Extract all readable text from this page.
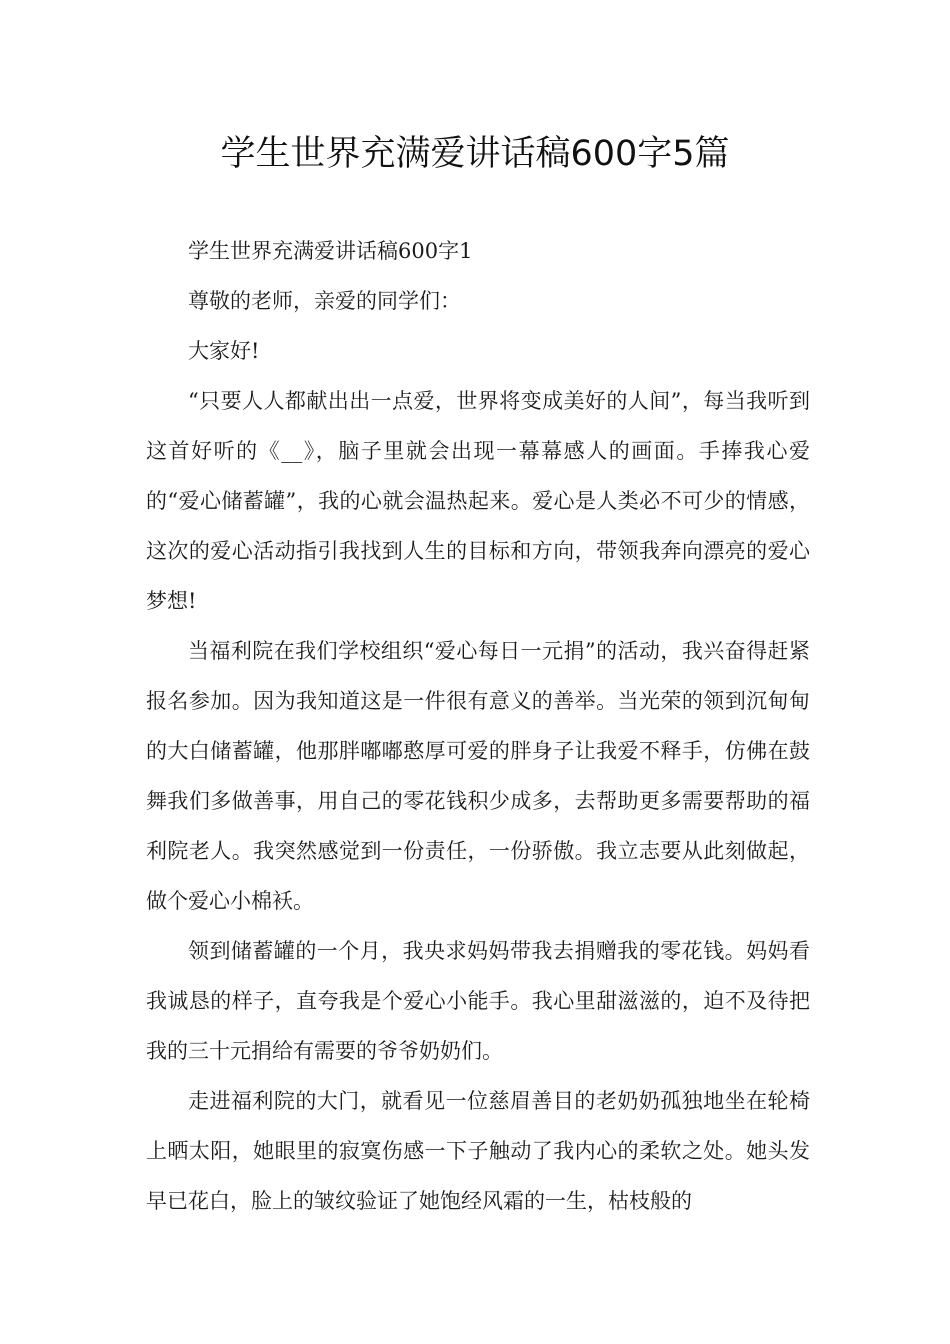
学生世界充满爱讲话稿600字5篇

学生世界充满爱讲话稿600字1

尊敬的老师，亲爱的同学们：

大家好!

“只要人人都献出出一点爱，世界将变成美好的人间”，每当我听到这首好听的《__》，脑子里就会出现一幕幕感人的画面。手捧我心爱的“爱心储蓄罐”，我的心就会温热起来。爱心是人类必不可少的情感，这次的爱心活动指引我找到人生的目标和方向，带领我奔向漂亮的爱心梦想!

当福利院在我们学校组织“爱心每日一元捐”的活动，我兴奋得赶紧报名参加。因为我知道这是一件很有意义的善举。当光荣的领到沉甸甸的大白储蓄罐，他那胖嘟嘟憨厚可爱的胖身子让我爱不释手，仿佛在鼓舞我们多做善事，用自己的零花钱积少成多，去帮助更多需要帮助的福利院老人。我突然感觉到一份责任，一份骄傲。我立志要从此刻做起，做个爱心小棉袄。

领到储蓄罐的一个月，我央求妈妈带我去捐赠我的零花钱。妈妈看我诚恳的样子，直夸我是个爱心小能手。我心里甜滋滋的，迫不及待把我的三十元捐给有需要的爷爷奶奶们。

走进福利院的大门，就看见一位慈眉善目的老奶奶孤独地坐在轮椅上晒太阳，她眼里的寂寞伤感一下子触动了我内心的柔软之处。她头发早已花白，脸上的皱纹验证了她饱经风霜的一生，枯枝般的
